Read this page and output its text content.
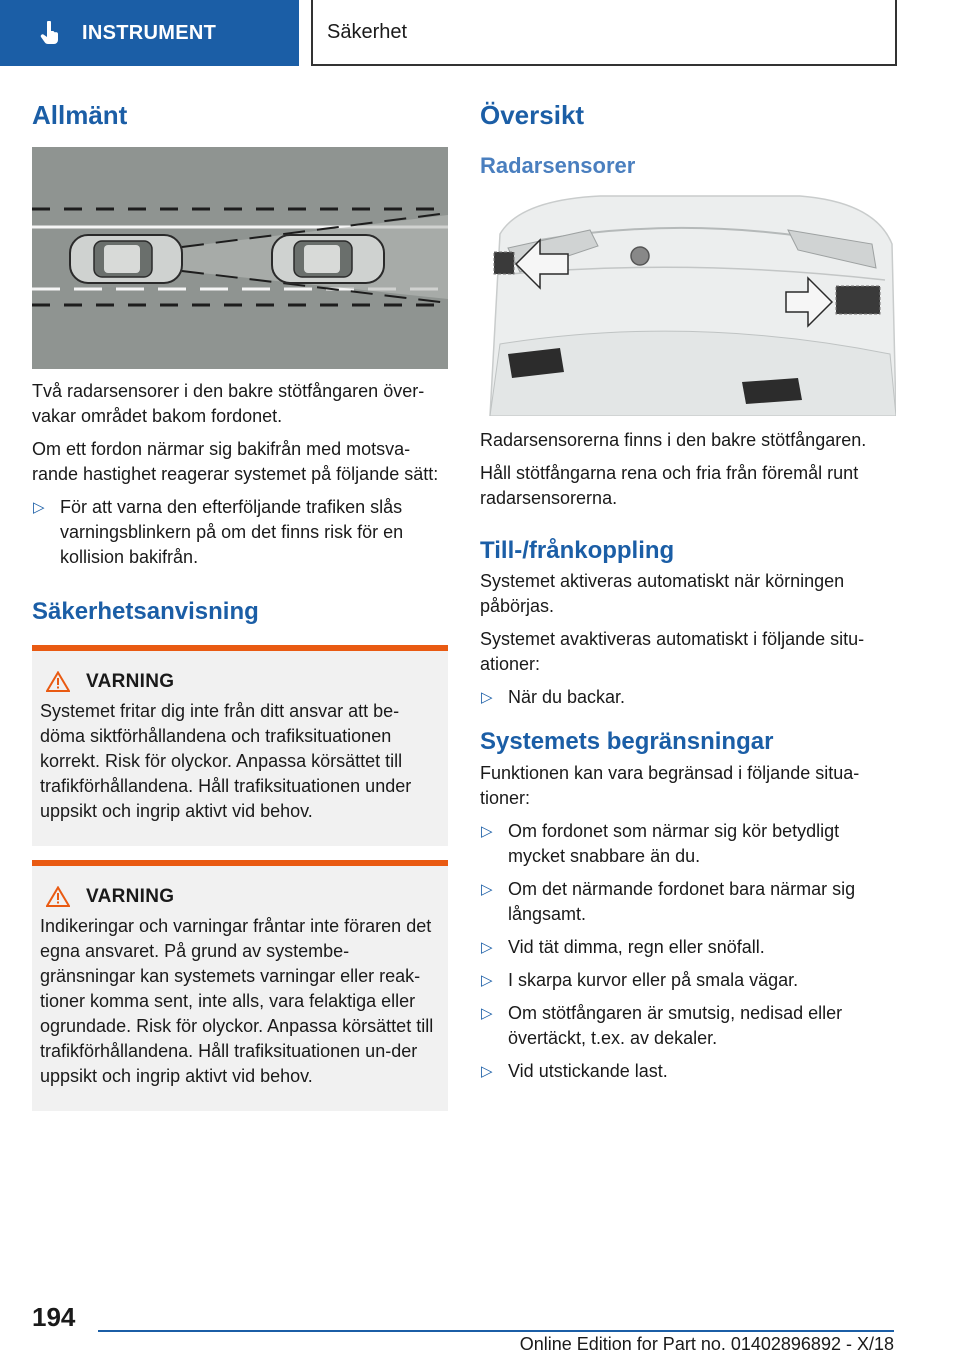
INSTRUMENT	Säkerhet
Allmänt

Två radarsensorer i den bakre stötfångaren över-vakar området bakom fordonet.

Om ett fordon närmar sig bakifrån med motsva-rande hastighet reagerar systemet på följande sätt:

▷ För att varna den efterföljande trafiken slås varningsblinkern på om det finns risk för en kollision bakifrån.
Säkerhetsanvisning
VARNING

Systemet fritar dig inte från ditt ansvar att be-döma siktförhållandena och trafiksituationen korrekt. Risk för olyckor. Anpassa körsättet till trafikförhållandena. Håll trafiksituationen under uppsikt och ingrip aktivt vid behov.

VARNING

Indikeringar och varningar fråntar inte föraren det egna ansvaret. På grund av systembe-gränsningar kan systemets varningar eller reak-tioner komma sent, inte alls, vara felaktiga eller ogrundade. Risk för olyckor. Anpassa körsättet till trafikförhållandena. Håll trafiksituationen un-der uppsikt och ingrip aktivt vid behov.

Översikt
Radarsensorer

Radarsensorerna finns i den bakre stötfångaren.

Håll stötfångarna rena och fria från föremål runt radarsensorerna.

Till-/frånkoppling

Systemet aktiveras automatiskt när körningen påbörjas.

Systemet avaktiveras automatiskt i följande situ-ationer:

▷ När du backar.
Systemets begränsningar

Funktionen kan vara begränsad i följande situa-tioner:

▷ Om fordonet som närmar sig kör betydligt mycket snabbare än du.
▷ Om det närmande fordonet bara närmar sig långsamt.
▷ Vid tät dimma, regn eller snöfall.
▷ I skarpa kurvor eller på smala vägar.
▷ Om stötfångaren är smutsig, nedisad eller övertäckt, t.ex. av dekaler.
▷ Vid utstickande last.
194
Online Edition for Part no. 01402896892 - X/18
